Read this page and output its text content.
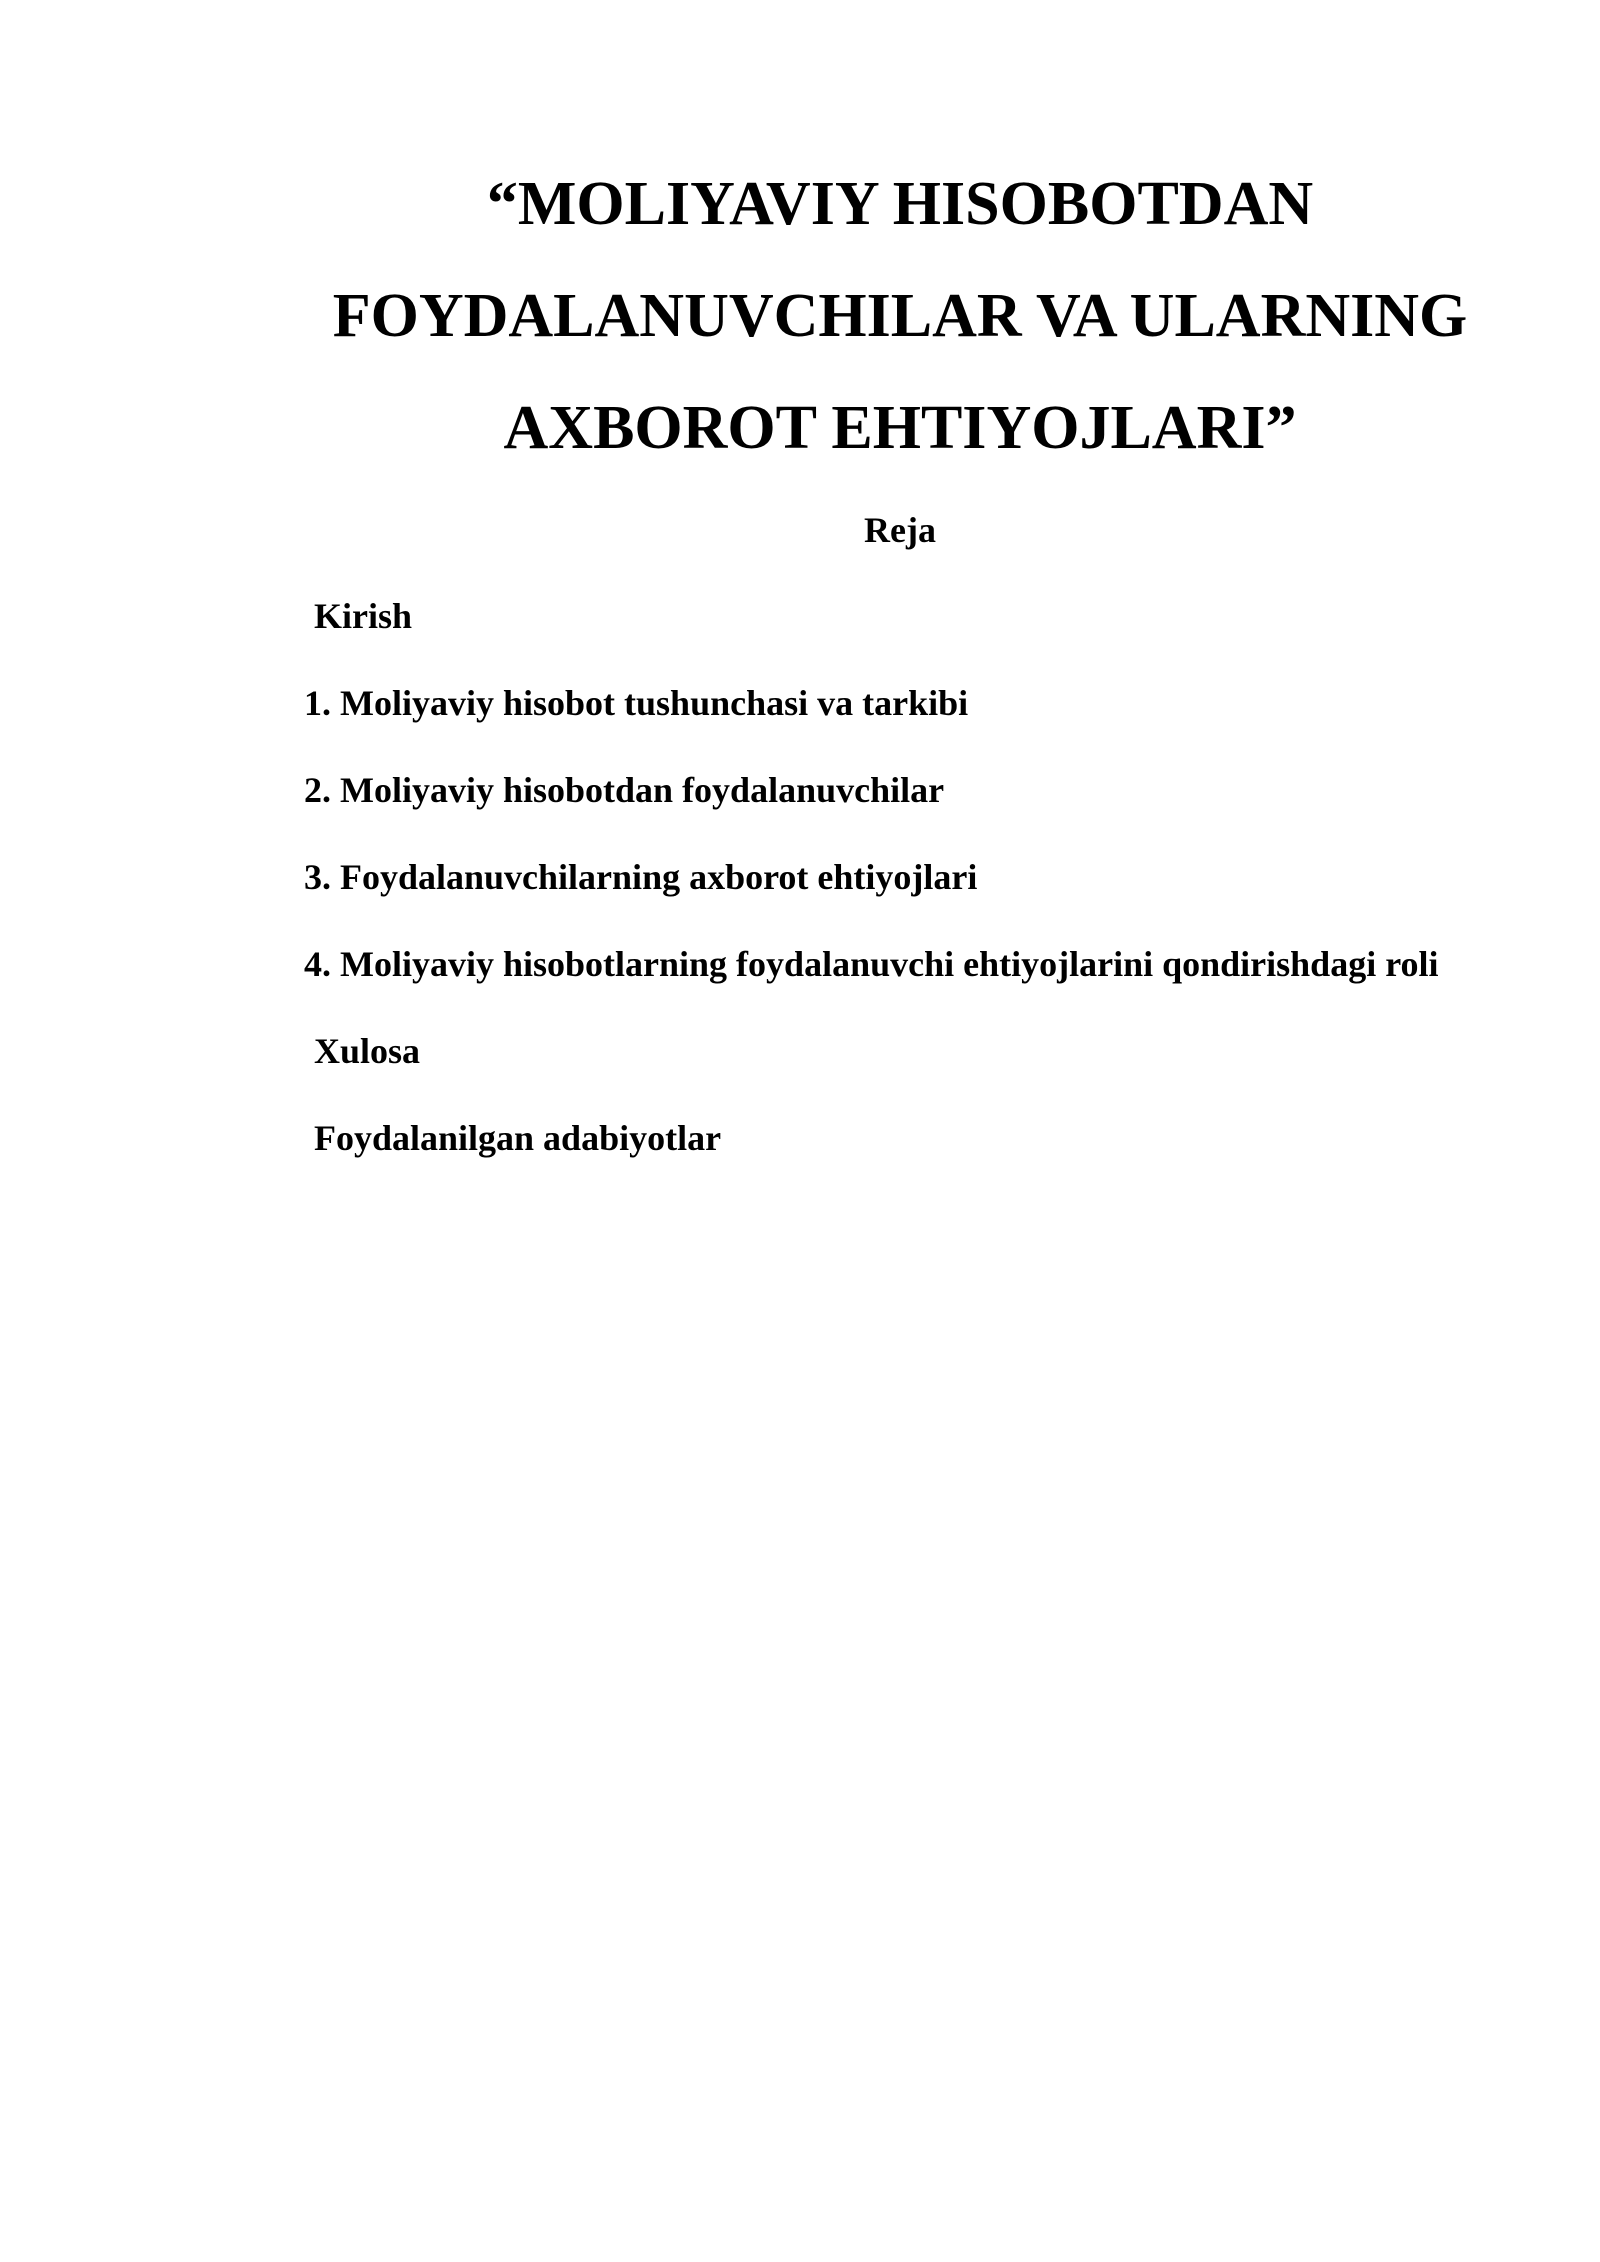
“MOLIYAVIY HISOBOTDAN
FOYDALANUVCHILAR VA ULARNING
AXBOROT EHTIYOJLARI”
Reja
Kirish
1. Moliyaviy hisobot tushunchasi va tarkibi
2. Moliyaviy hisobotdan foydalanuvchilar
3. Foydalanuvchilarning axborot ehtiyojlari
4. Moliyaviy hisobotlarning foydalanuvchi ehtiyojlarini qondirishdagi roli
Xulosa
Foydalanilgan adabiyotlar
